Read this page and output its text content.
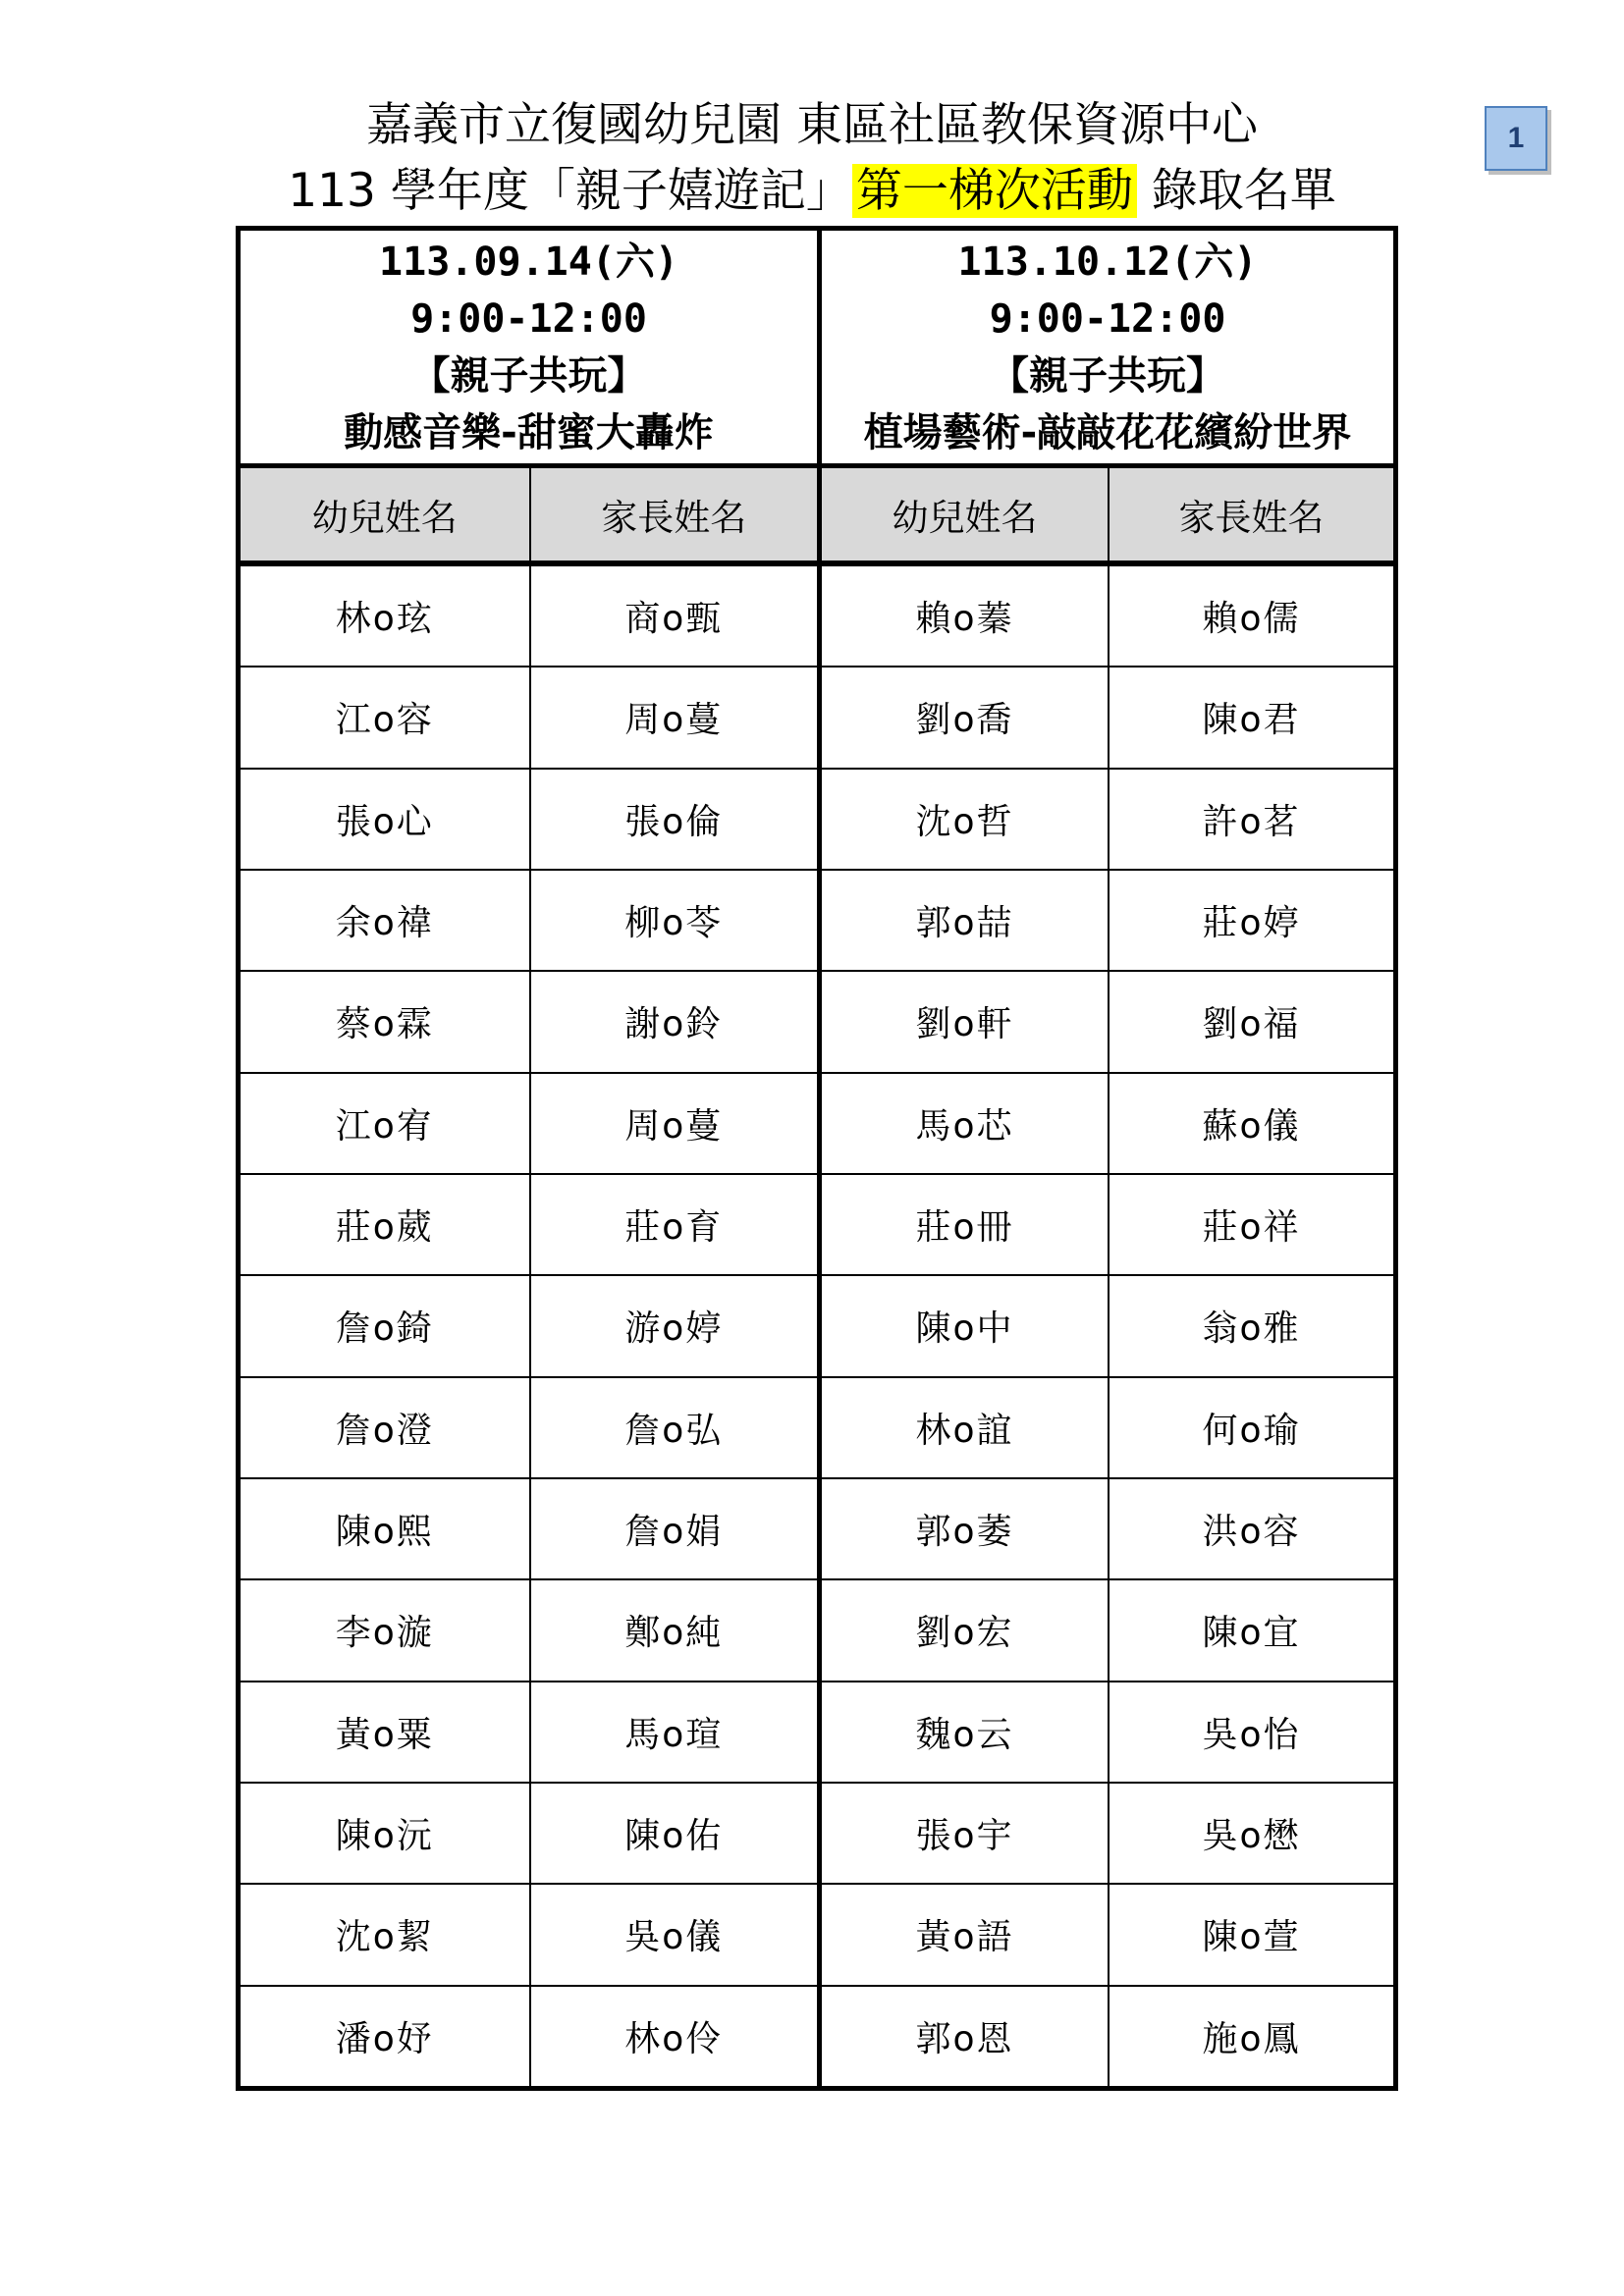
嘉義市立復國幼兒園 東區社區教保資源中心
113 學年度「親子嬉遊記」第一梯次活動 錄取名單
1
113.09.14(六)
9:00-12:00
【親子共玩】
動感音樂-甜蜜大轟炸
幼兒姓名	家長姓名
林o玹	商o甄
江o容	周o蔓
張o心	張o倫
余o禕	柳o苓
蔡o霖	謝o鈴
江o宥	周o蔓
莊o葳	莊o育
詹o錡	游o婷
詹o澄	詹o弘
陳o熙	詹o娟
李o漩	鄭o純
黃o粟	馬o瑄
陳o沅	陳o佑
沈o絜	吳o儀
潘o妤	林o伶
113.10.12(六)
9:00-12:00
【親子共玩】
植場藝術-敲敲花花繽紛世界
幼兒姓名	家長姓名
賴o蓁	賴o儒
劉o喬	陳o君
沈o哲	許o茗
郭o喆	莊o婷
劉o軒	劉o福
馬o芯	蘇o儀
莊o冊	莊o祥
陳o中	翁o雅
林o誼	何o瑜
郭o萎	洪o容
劉o宏	陳o宜
魏o云	吳o怡
張o宇	吳o懋
黃o語	陳o萱
郭o恩	施o鳳
